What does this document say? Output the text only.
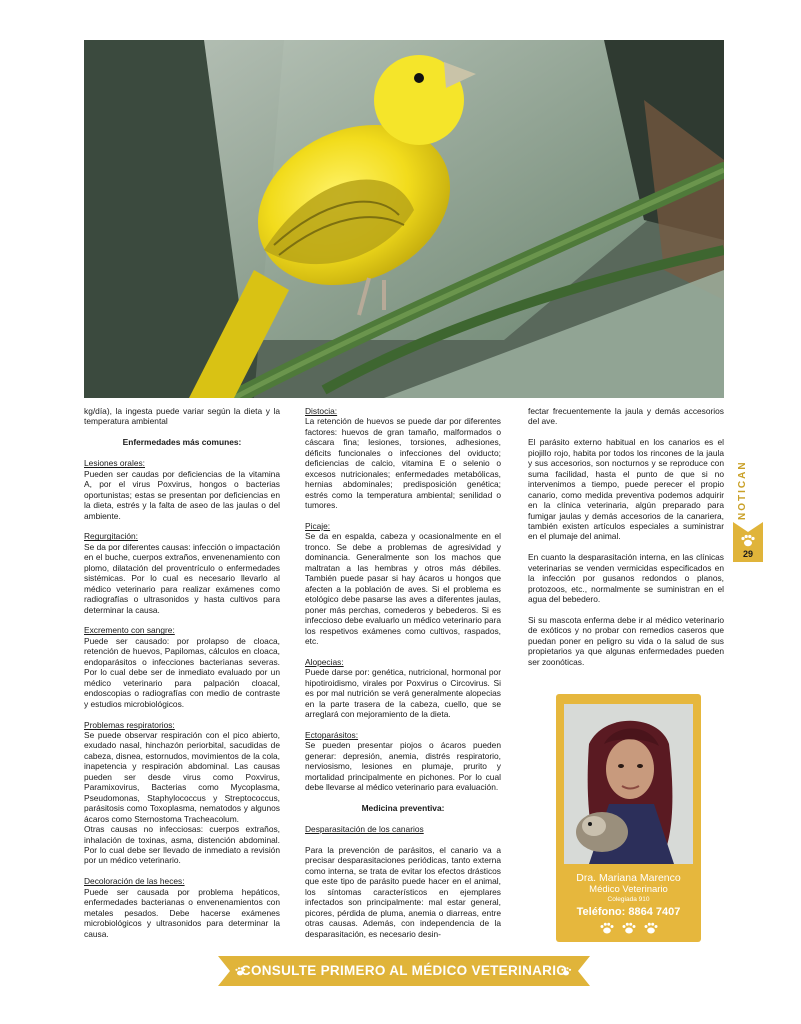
kg/día), la ingesta puede variar según la dieta y la temperatura ambiental

Enfermedades más comunes:

Lesiones orales:
Pueden ser caudas por deficiencias de la vitamina A, por el virus Poxvirus, hongos o bacterias oportunistas; estas se presentan por deficiencias en la dieta, estrés y la falta de aseo de las jaulas o del ambiente.

Regurgitación:
Se da por diferentes causas: infección o impactación en el buche, cuerpos extraños, envenenamiento con plomo, dilatación del proventrículo o enfermedades sistémicas. Por lo cual es necesario llevarlo al médico veterinario para realizar exámenes como radiografías o ultrasonidos y hasta cultivos para determinar la causa.

Excremento con sangre:
Puede ser causado: por prolapso de cloaca, retención de huevos, Papilomas, cálculos en cloaca, endoparásitos o infecciones bacterianas severas. Por lo cual debe ser de inmediato evaluado por un médico veterinario para palpación cloacal, endoscopias o radiografías con medio de contraste y estudios microbiológicos.

Problemas respiratorios:
Se puede observar respiración con el pico abierto, exudado nasal, hinchazón periorbital, sacudidas de cabeza, disnea, estornudos, movimientos de la cola, inapetencia y respiración abdominal. Las causas pueden ser desde virus como Poxvirus, Paramixovirus, Bacterias como Mycoplasma, Pseudomonas, Staphylococcus y Streptococcus, parásitosis como Toxoplasma, nematodos y algunos ácaros como Sternostoma Tracheacolum.
Otras causas no infecciosas: cuerpos extraños, inhalación de toxinas, asma, distención abdominal. Por lo cual debe ser llevado de inmediato a revisión por un médico veterinario.

Decoloración de las heces:
Puede ser causada por problema hepáticos, enfermedades bacterianas o envenenamientos con metales pesados. Debe hacerse exámenes microbiológicos y ultrasonidos para determinar la causa.

Distocia:
La retención de huevos se puede dar por diferentes factores: huevos de gran tamaño, malformados o cáscara fina; lesiones, torsiones, adhesiones, déficits funcionales o infecciones del oviducto; deficiencias de calcio, vitamina E o selenio o excesos nutricionales; enfermedades metabólicas, hernias abdominales; predisposición genética; estrés como la temperatura ambiental; senilidad o tumores.

Picaje:
Se da en espalda, cabeza y ocasionalmente en el tronco. Se debe a problemas de agresividad y dominancia. Generalmente son los machos que maltratan a las hembras y otros más débiles. También puede pasar si hay ácaros u hongos que afecten a la población de aves. Si el problema es etológico debe pasarse las aves a diferentes jaulas, poner más perchas, comederos y bebederos. Si es infeccioso debe evaluarlo un médico veterinario para los respetivos exámenes como cultivos, raspados, etc.

Alopecias:
Puede darse por: genética, nutricional, hormonal por hipotiroidismo, virales por Poxvirus o Circovirus. Si es por mal nutrición se verá generalmente alopecias en la parte trasera de la cabeza, cuello, que se arreglará con mejoramiento de la dieta.

Ectoparásitos:
Se pueden presentar piojos o ácaros pueden generar: depresión, anemia, distrés respiratorio, nerviosismo, lesiones en plumaje, prurito y mortalidad principalmente en pichones. Por lo cual debe llevarse al médico veterinario para evaluación.

Medicina preventiva:

Desparasitación de los canarios

Para la prevención de parásitos, el canario va a precisar desparasitaciones periódicas, tanto externa como interna, se trata de evitar los efectos drásticos que este tipo de parásito puede hacer en el animal, los síntomas característicos en ejemplares infectados son principalmente: mal estar general, picores, pérdida de pluma, anemia o diarreas, entre otras causas. Además, con independencia de la desparasitación, es necesario desin-

fectar frecuentemente la jaula y demás accesorios del ave.

El parásito externo habitual en los canarios es el piojillo rojo, habita por todos los rincones de la jaula y sus accesorios, son nocturnos y se reproduce con suma facilidad, hasta el punto de que si no intervenimos a tiempo, puede perecer el propio canario, como medida preventiva podemos adquirir en la clínica veterinaria, algún preparado para fumigar jaulas y demás accesorios de la canariera, también existen artículos especiales a suministrar en el plumaje del animal.

En cuanto la desparasitación interna, en las clínicas veterinarias se venden vermicidas especificados en la infección por gusanos redondos o planos, protozoos, etc., normalmente se suministran en el agua del bebedero.

Si su mascota enferma debe ir al médico veterinario de exóticos y no probar con remedios caseros que puedan poner en peligro su vida o la salud de sus propietarios ya que algunas enfermedades pueden ser zoonóticas.

NOTICAN
29
Dra. Mariana Marenco
Médico Veterinario
Colegiada 910
Teléfono: 8864 7407
CONSULTE PRIMERO AL MÉDICO VETERINARIO
